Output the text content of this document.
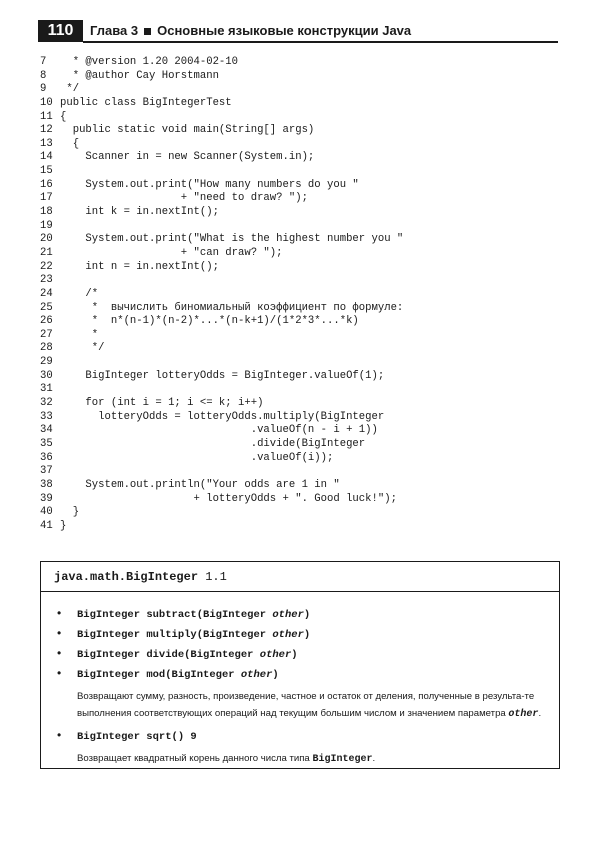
110	Глава 3 Основные языковые конструкции Java
7  * @version 1.20 2004-02-10
8  * @author Cay Horstmann
9 */
10 public class BigIntegerTest
11 {
12  public static void main(String[] args)
13  {
14    Scanner in = new Scanner(System.in);
15
16    System.out.print("How many numbers do you "
17                   + "need to draw? ");
18    int k = in.nextInt();
19
20    System.out.print("What is the highest number you "
21                   + "can draw? ");
22    int n = in.nextInt();
23
24    /*
25     *  вычислить биномиальный коэффициент по формуле:
26     *  n*(n-1)*(n-2)*...*(n-k+1)/(1*2*3*...*k)
27     *
28     */
29
30    BigInteger lotteryOdds = BigInteger.valueOf(1);
31
32    for (int i = 1; i <= k; i++)
33      lotteryOdds = lotteryOdds.multiply(BigInteger
34                              .valueOf(n - i + 1))
35                              .divide(BigInteger
36                              .valueOf(i));
37
38    System.out.println("Your odds are 1 in "
39                     + lotteryOdds + ". Good luck!");
40  }
41 }
java.math.BigInteger 1.1
• BigInteger subtract(BigInteger other)
• BigInteger multiply(BigInteger other)
• BigInteger divide(BigInteger other)
• BigInteger mod(BigInteger other)

Возвращают сумму, разность, произведение, частное и остаток от деления, полученные в результа-те выполнения соответствующих операций над текущим большим числом и значением параметра other.

• BigInteger sqrt() 9

Возвращает квадратный корень данного числа типа BigInteger.
